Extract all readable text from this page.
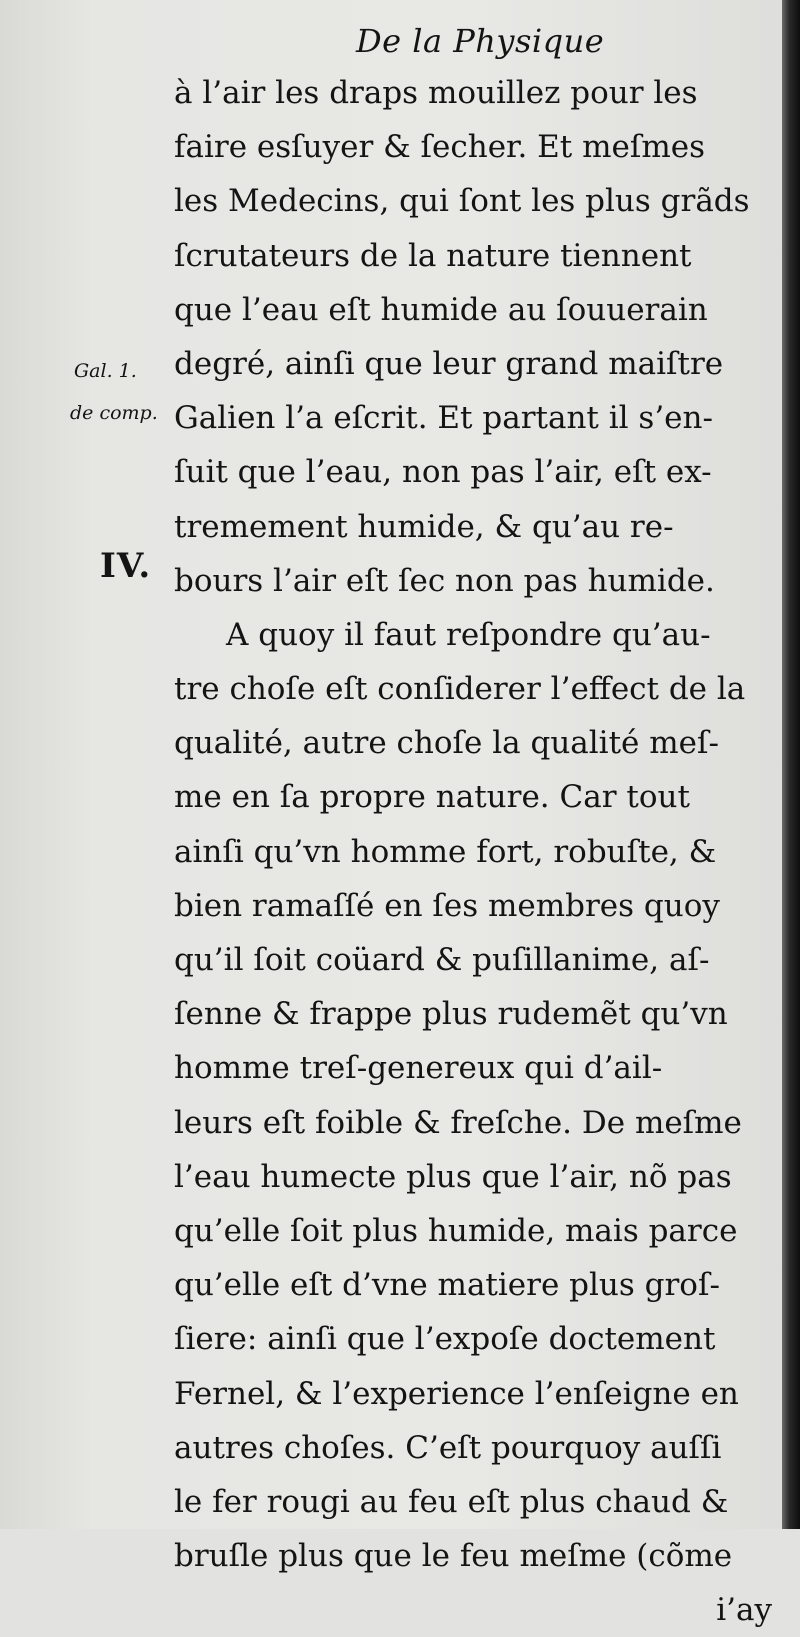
De la Physique
Gal. 1.
de comp.
IV.
à l’air les draps mouillez pour les
faire esſuyer & ſecher. Et meſmes
les Medecins, qui ſont les plus grãds
ſcrutateurs de la nature tiennent
que l’eau eſt humide au ſouuerain
degré, ainſi que leur grand maiſtre
Galien l’a eſcrit. Et partant il s’en-
ſuit que l’eau, non pas l’air, eſt ex-
tremement humide, & qu’au re-
bours l’air eſt ſec non pas humide.
A quoy il faut reſpondre qu’au-
tre choſe eſt conſiderer l’effect de la
qualité, autre choſe la qualité meſ-
me en ſa propre nature. Car tout
ainſi qu’vn homme fort, robuſte, &
bien ramaſſé en ſes membres quoy
qu’il ſoit coüard & puſillanime, aſ-
ſenne & frappe plus rudemẽt qu’vn
homme treſ-genereux qui d’ail-
leurs eſt foible & freſche. De meſme
l’eau humecte plus que l’air, nõ pas
qu’elle ſoit plus humide, mais parce
qu’elle eſt d’vne matiere plus groſ-
ſiere: ainſi que l’expoſe doctement
Fernel, & l’experience l’enſeigne en
autres choſes. C’eſt pourquoy auſſi
le fer rougi au feu eſt plus chaud &
bruſle plus que le feu meſme (cõme
i’ay
